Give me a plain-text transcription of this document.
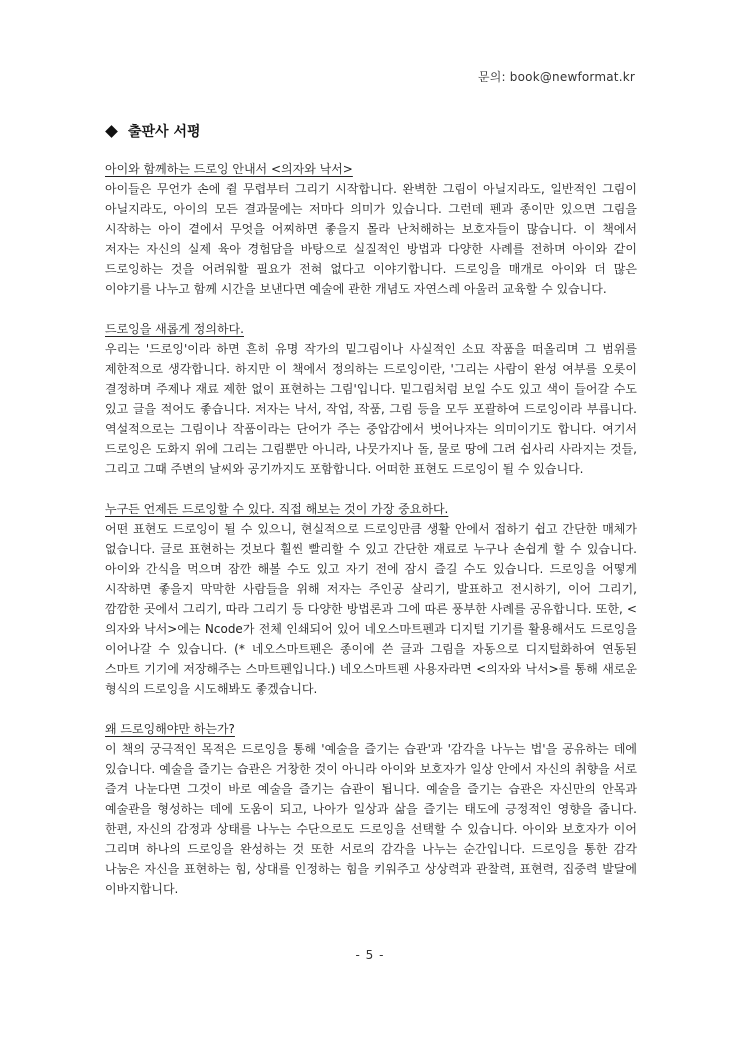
문의: book@newformat.kr
출판사 서평

아이와 함께하는 드로잉 안내서 <의자와 낙서>

아이들은 무언가 손에 쥘 무렵부터 그리기 시작합니다. 완벽한 그림이 아닐지라도, 일반적인 그림이 아닐지라도, 아이의 모든 결과물에는 저마다 의미가 있습니다. 그런데 펜과 종이만 있으면 그림을 시작하는 아이 곁에서 무엇을 어찌하면 좋을지 몰라 난처해하는 보호자들이 많습니다. 이 책에서 저자는 자신의 실제 육아 경험담을 바탕으로 실질적인 방법과 다양한 사례를 전하며 아이와 같이 드로잉하는 것을 어려워할 필요가 전혀 없다고 이야기합니다. 드로잉을 매개로 아이와 더 많은 이야기를 나누고 함께 시간을 보낸다면 예술에 관한 개념도 자연스레 아울러 교육할 수 있습니다.

드로잉을 새롭게 정의하다.

우리는 '드로잉'이라 하면 흔히 유명 작가의 밑그림이나 사실적인 소묘 작품을 떠올리며 그 범위를 제한적으로 생각합니다. 하지만 이 책에서 정의하는 드로잉이란, '그리는 사람이 완성 여부를 오롯이 결정하며 주제나 재료 제한 없이 표현하는 그림'입니다. 밑그림처럼 보일 수도 있고 색이 들어갈 수도 있고 글을 적어도 좋습니다. 저자는 낙서, 작업, 작품, 그림 등을 모두 포괄하여 드로잉이라 부릅니다. 역설적으로는 그림이나 작품이라는 단어가 주는 중압감에서 벗어나자는 의미이기도 합니다. 여기서 드로잉은 도화지 위에 그리는 그림뿐만 아니라, 나뭇가지나 돌, 물로 땅에 그려 쉽사리 사라지는 것들, 그리고 그때 주변의 날씨와 공기까지도 포함합니다. 어떠한 표현도 드로잉이 될 수 있습니다.

누구든 언제든 드로잉할 수 있다. 직접 해보는 것이 가장 중요하다.

어떤 표현도 드로잉이 될 수 있으니, 현실적으로 드로잉만큼 생활 안에서 접하기 쉽고 간단한 매체가 없습니다. 글로 표현하는 것보다 훨씬 빨리할 수 있고 간단한 재료로 누구나 손쉽게 할 수 있습니다. 아이와 간식을 먹으며 잠깐 해볼 수도 있고 자기 전에 잠시 즐길 수도 있습니다. 드로잉을 어떻게 시작하면 좋을지 막막한 사람들을 위해 저자는 주인공 살리기, 발표하고 전시하기, 이어 그리기, 깜깜한 곳에서 그리기, 따라 그리기 등 다양한 방법론과 그에 따른 풍부한 사례를 공유합니다. 또한, <의자와 낙서>에는 Ncode가 전체 인쇄되어 있어 네오스마트펜과 디지털 기기를 활용해서도 드로잉을 이어나갈 수 있습니다. (* 네오스마트펜은 종이에 쓴 글과 그림을 자동으로 디지털화하여 연동된 스마트 기기에 저장해주는 스마트펜입니다.) 네오스마트펜 사용자라면 <의자와 낙서>를 통해 새로운 형식의 드로잉을 시도해봐도 좋겠습니다.

왜 드로잉해야만 하는가?

이 책의 궁극적인 목적은 드로잉을 통해 '예술을 즐기는 습관'과 '감각을 나누는 법'을 공유하는 데에 있습니다. 예술을 즐기는 습관은 거창한 것이 아니라 아이와 보호자가 일상 안에서 자신의 취향을 서로 즐겨 나눈다면 그것이 바로 예술을 즐기는 습관이 됩니다. 예술을 즐기는 습관은 자신만의 안목과 예술관을 형성하는 데에 도움이 되고, 나아가 일상과 삶을 즐기는 태도에 긍정적인 영향을 줍니다. 한편, 자신의 감정과 상태를 나누는 수단으로도 드로잉을 선택할 수 있습니다. 아이와 보호자가 이어 그리며 하나의 드로잉을 완성하는 것 또한 서로의 감각을 나누는 순간입니다. 드로잉을 통한 감각 나눔은 자신을 표현하는 힘, 상대를 인정하는 힘을 키워주고 상상력과 관찰력, 표현력, 집중력 발달에 이바지합니다.

- 5 -
